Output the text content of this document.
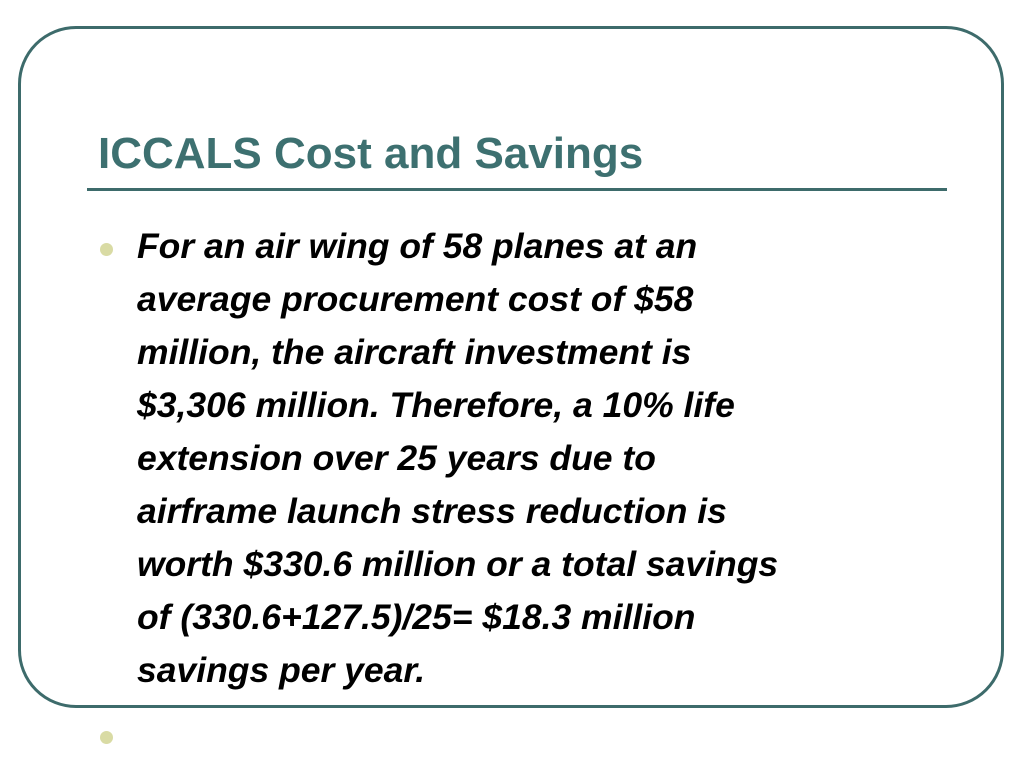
ICCALS Cost and Savings

For an air wing of 58 planes at an
average procurement cost of $58
million, the aircraft investment is
$3,306 million. Therefore, a 10% life
extension over 25 years due to
airframe launch stress reduction is
worth $330.6 million or a total savings
of (330.6+127.5)/25= $18.3 million
savings per year.
